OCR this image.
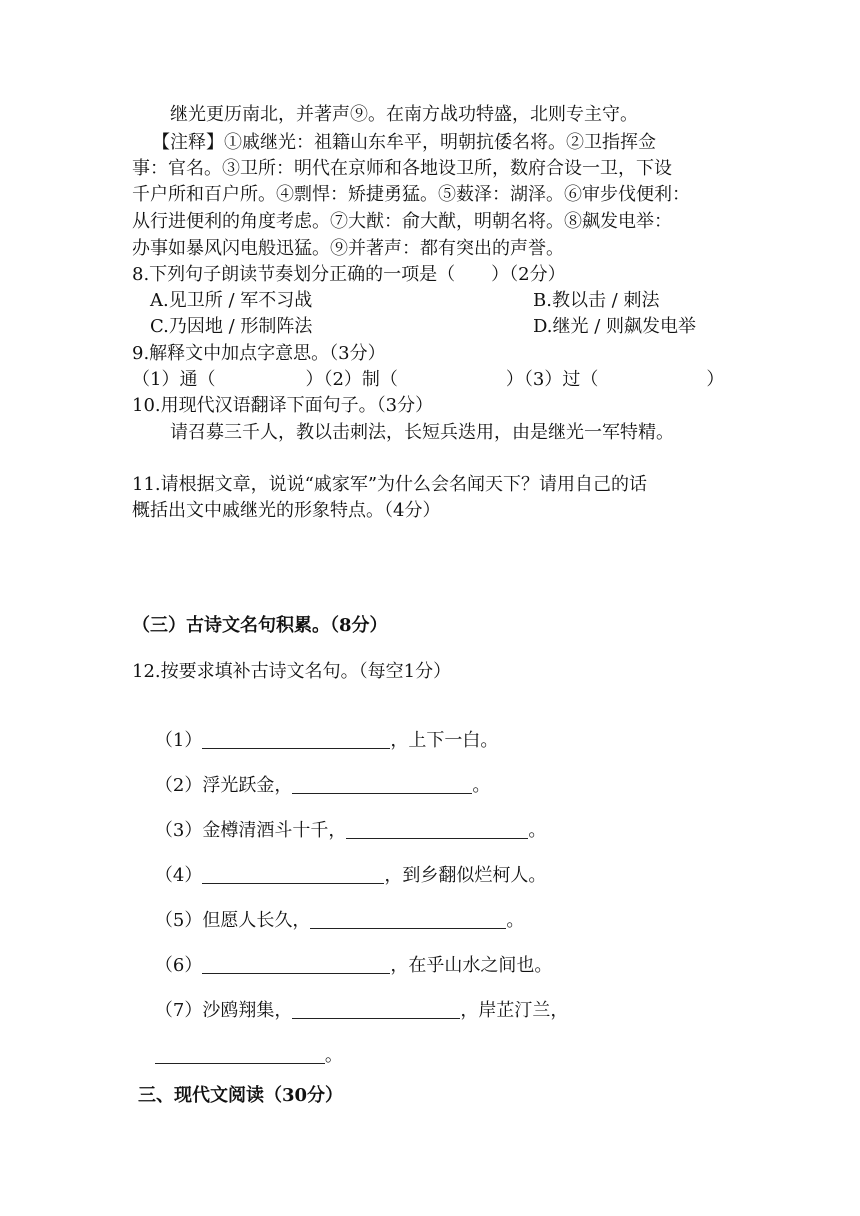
继光更历南北，并著声⑨。在南方战功特盛，北则专主守。
【注释】①戚继光：祖籍山东牟平，明朝抗倭名将。②卫指挥佥
事：官名。③卫所：明代在京师和各地设卫所，数府合设一卫，下设
千户所和百户所。④剽悍：矫捷勇猛。⑤薮泽：湖泽。⑥审步伐便利：
从行进便利的角度考虑。⑦大猷：俞大猷，明朝名将。⑧飙发电举：
办事如暴风闪电般迅猛。⑨并著声：都有突出的声誉。
8.下列句子朗读节奏划分正确的一项是（　　）（2分）
A.见卫所 / 军不习战	B.教以击 / 刺法
C.乃因地 / 形制阵法	D.继光 / 则飙发电举
9.解释文中加点字意思。（3分）
（1）通（　　　　　）（2）制（　　　　　　）（3）过（　　　　　　）
10.用现代汉语翻译下面句子。（3分）
请召募三千人，教以击刺法，长短兵迭用，由是继光一军特精。
11.请根据文章，说说“戚家军”为什么会名闻天下？请用自己的话
概括出文中戚继光的形象特点。（4分）
（三）古诗文名句积累。（8分）
12.按要求填补古诗文名句。（每空1分）

（1）	，上下一白。

（2）浮光跃金，	。

（3）金樽清酒斗十千，	。

（4）	，到乡翻似烂柯人。

（5）但愿人长久，	。

（6）	，在乎山水之间也。

（7）沙鸥翔集，	，岸芷汀兰，

。

三、现代文阅读（30分）
